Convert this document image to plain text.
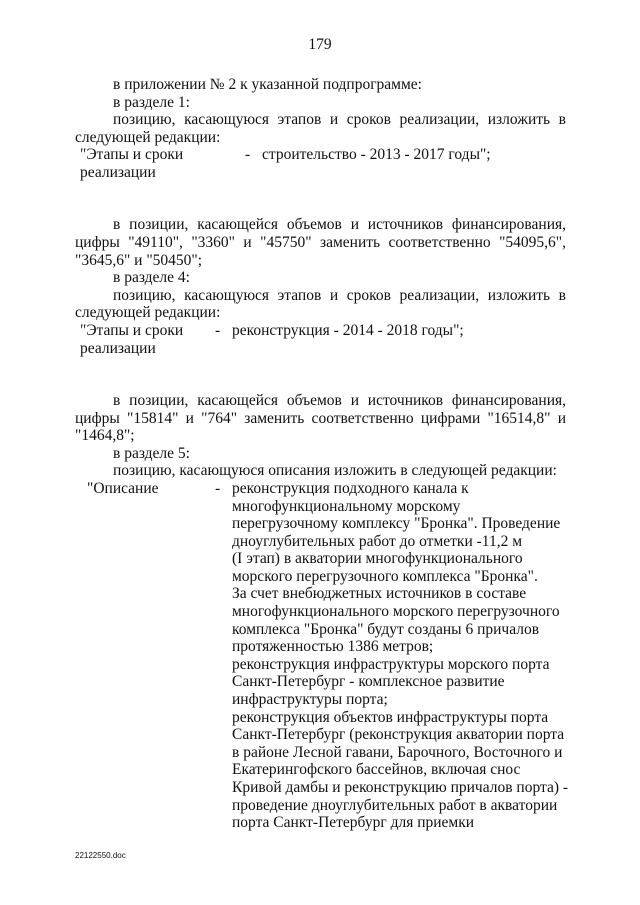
179
в приложении № 2 к указанной подпрограмме:
в разделе 1:
позицию, касающуюся этапов и сроков реализации, изложить в
следующей редакции:
"Этапы и сроки	- строительство - 2013 - 2017 годы";
реализации
в позиции, касающейся объемов и источников финансирования,
цифры "49110", "3360" и "45750" заменить соответственно "54095,6",
"3645,6" и "50450";
в разделе 4:
позицию, касающуюся этапов и сроков реализации, изложить в
следующей редакции:
"Этапы и сроки - реконструкция - 2014 - 2018 годы";
реализации
в позиции, касающейся объемов и источников финансирования,
цифры "15814" и "764" заменить соответственно цифрами "16514,8" и
"1464,8";
в разделе 5:
позицию, касающуюся описания изложить в следующей редакции:
"Описание	- реконструкция подходного канала к
многофункциональному морскому
перегрузочному комплексу "Бронка". Проведение
дноуглубительных работ до отметки -11,2 м
(I этап) в акватории многофункционального
морского перегрузочного комплекса "Бронка".
За счет внебюджетных источников в составе
многофункционального морского перегрузочного
комплекса "Бронка" будут созданы 6 причалов
протяженностью 1386 метров;
реконструкция инфраструктуры морского порта
Санкт-Петербург - комплексное развитие
инфраструктуры порта;
реконструкция объектов инфраструктуры порта
Санкт-Петербург (реконструкция акватории порта
в районе Лесной гавани, Барочного, Восточного и
Екатерингофского бассейнов, включая снос
Кривой дамбы и реконструкцию причалов порта) -
проведение дноуглубительных работ в акватории
порта Санкт-Петербург для приемки
22122550.doc
